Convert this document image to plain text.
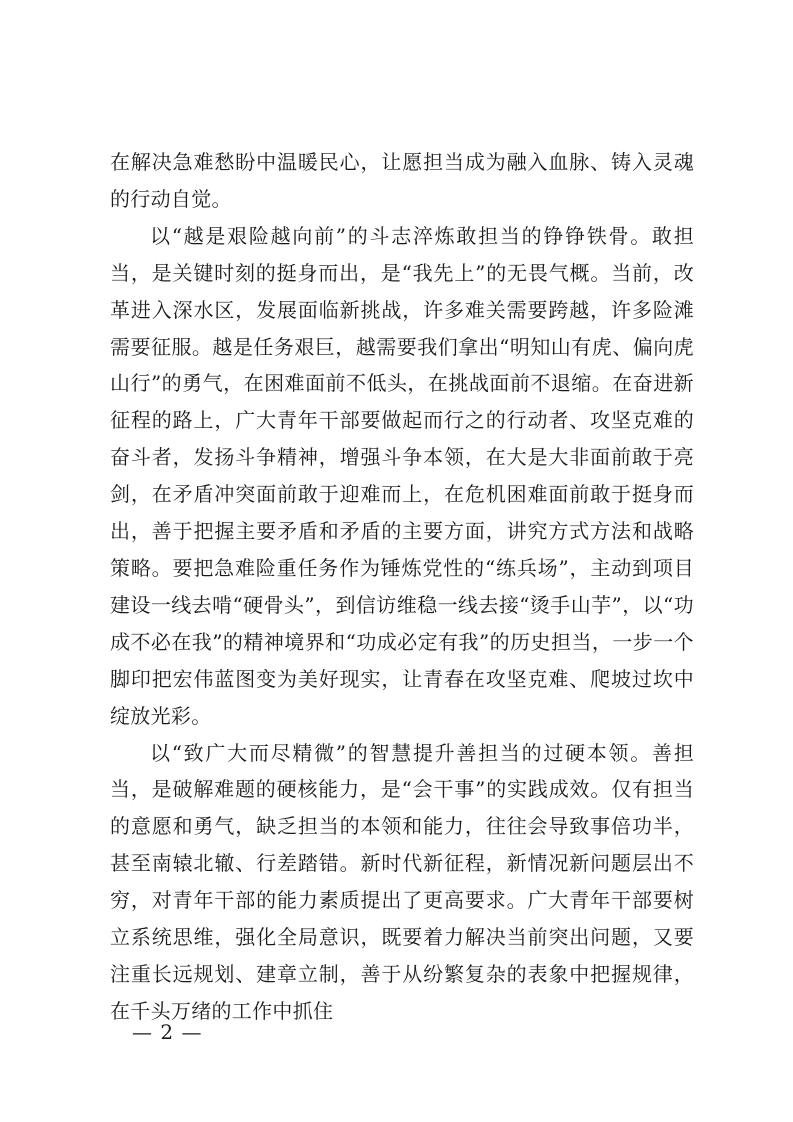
在解决急难愁盼中温暖民心，让愿担当成为融入血脉、铸入灵魂的行动自觉。

以“越是艰险越向前”的斗志淬炼敢担当的铮铮铁骨。敢担当，是关键时刻的挺身而出，是“我先上”的无畏气概。当前，改革进入深水区，发展面临新挑战，许多难关需要跨越，许多险滩需要征服。越是任务艰巨，越需要我们拿出“明知山有虎、偏向虎山行”的勇气，在困难面前不低头，在挑战面前不退缩。在奋进新征程的路上，广大青年干部要做起而行之的行动者、攻坚克难的奋斗者，发扬斗争精神，增强斗争本领，在大是大非面前敢于亮剑，在矛盾冲突面前敢于迎难而上，在危机困难面前敢于挺身而出，善于把握主要矛盾和矛盾的主要方面，讲究方式方法和战略策略。要把急难险重任务作为锤炼党性的“练兵场”，主动到项目建设一线去啃“硬骨头”，到信访维稳一线去接“烫手山芋”，以“功成不必在我”的精神境界和“功成必定有我”的历史担当，一步一个脚印把宏伟蓝图变为美好现实，让青春在攻坚克难、爬坡过坎中绽放光彩。

以“致广大而尽精微”的智慧提升善担当的过硬本领。善担当，是破解难题的硬核能力，是“会干事”的实践成效。仅有担当的意愿和勇气，缺乏担当的本领和能力，往往会导致事倍功半，甚至南辕北辙、行差踏错。新时代新征程，新情况新问题层出不穷，对青年干部的能力素质提出了更高要求。广大青年干部要树立系统思维，强化全局意识，既要着力解决当前突出问题，又要注重长远规划、建章立制，善于从纷繁复杂的表象中把握规律，在千头万绪的工作中抓住

— 2 —
